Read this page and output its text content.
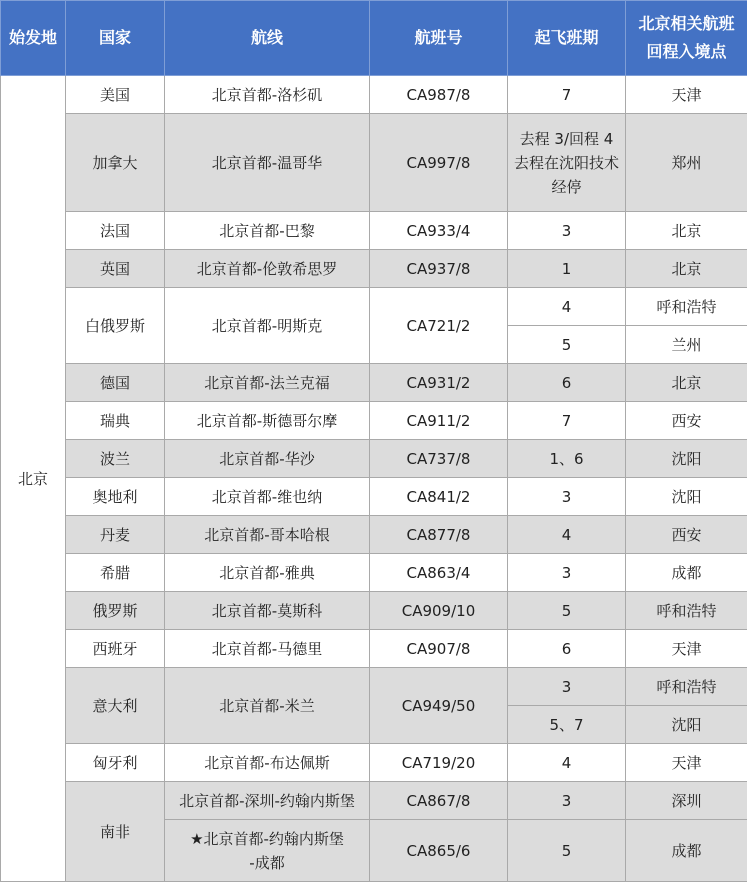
始发地	国家	航线	航班号	起飞班期	北京相关航班
回程入境点

北京	美国	北京首都-洛杉矶	CA987/8	7	天津
	加拿大	北京首都-温哥华	CA997/8	去程 3/回程 4
去程在沈阳技术
经停	郑州
	法国	北京首都-巴黎	CA933/4	3	北京
	英国	北京首都-伦敦希思罗	CA937/8	1	北京
	白俄罗斯	北京首都-明斯克	CA721/2	4	呼和浩特
				5	兰州
	德国	北京首都-法兰克福	CA931/2	6	北京
	瑞典	北京首都-斯德哥尔摩	CA911/2	7	西安
	波兰	北京首都-华沙	CA737/8	1、6	沈阳
	奥地利	北京首都-维也纳	CA841/2	3	沈阳
	丹麦	北京首都-哥本哈根	CA877/8	4	西安
	希腊	北京首都-雅典	CA863/4	3	成都
	俄罗斯	北京首都-莫斯科	CA909/10	5	呼和浩特
	西班牙	北京首都-马德里	CA907/8	6	天津
	意大利	北京首都-米兰	CA949/50	3	呼和浩特
				5、7	沈阳
	匈牙利	北京首都-布达佩斯	CA719/20	4	天津
	南非	北京首都-深圳-约翰内斯堡	CA867/8	3	深圳

		★北京首都-约翰内斯堡
-成都	CA865/6	5	成都
